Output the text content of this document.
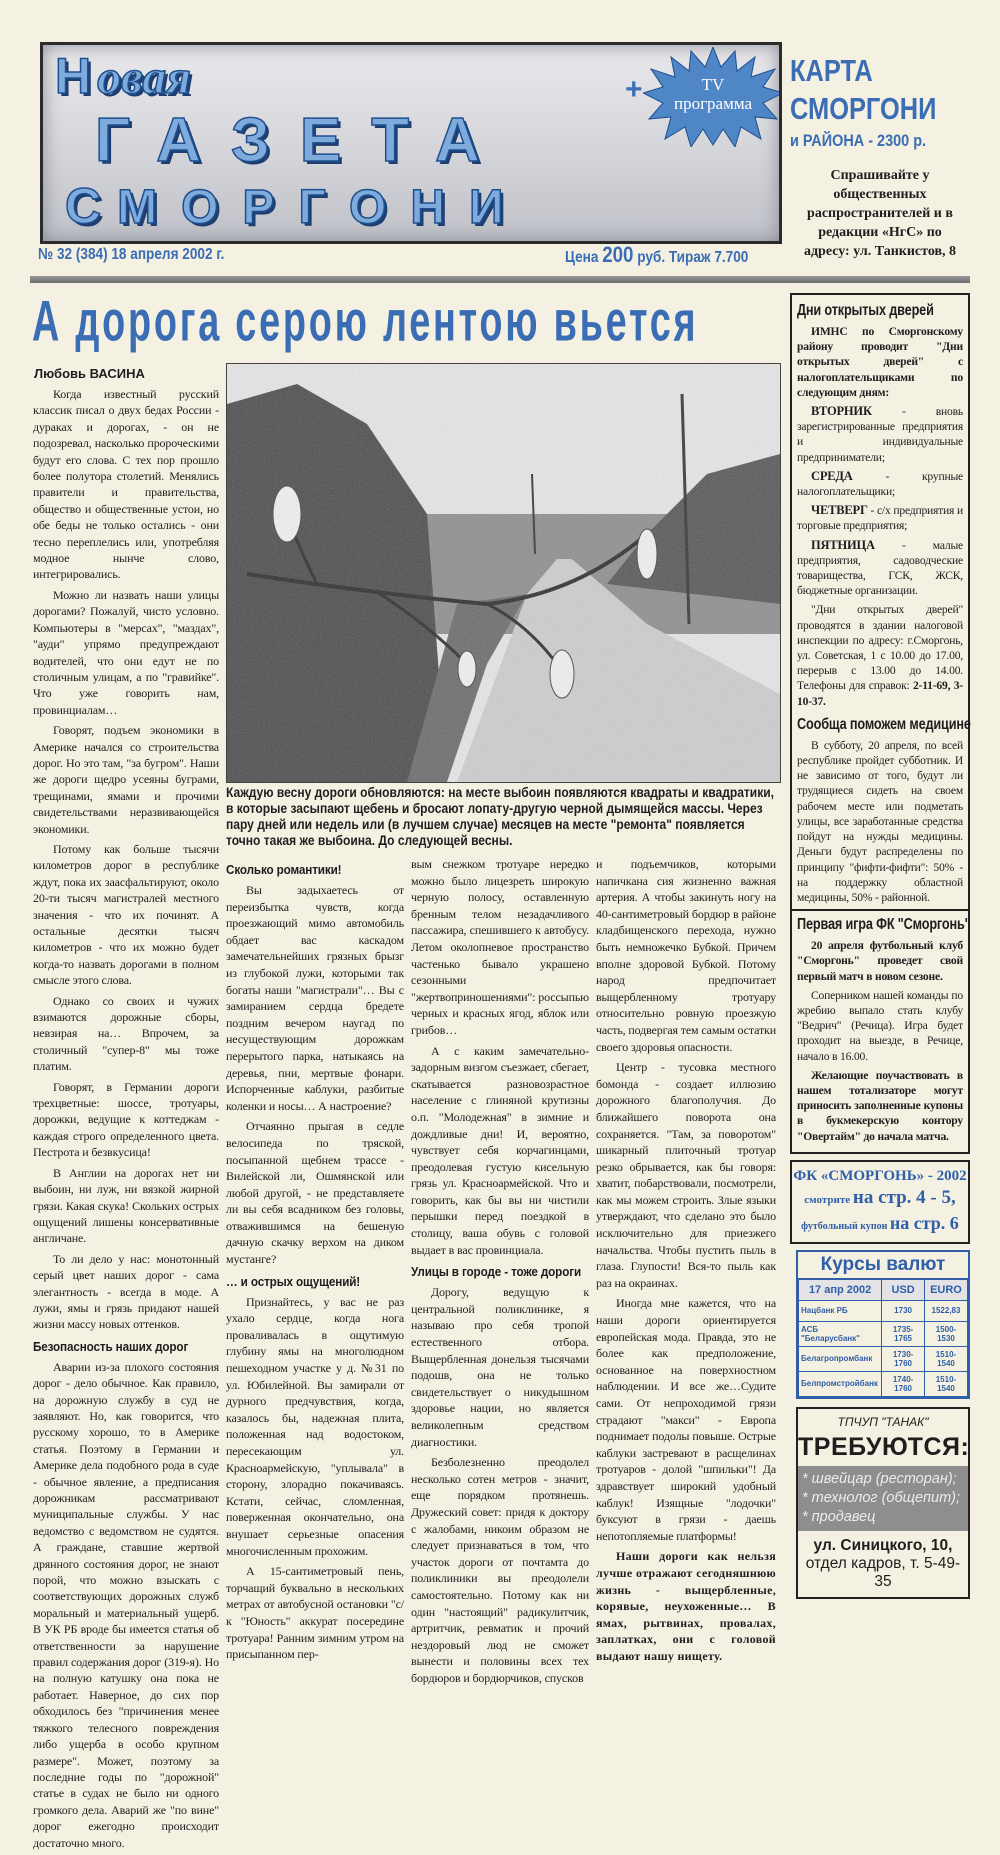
Н овая
ГАЗЕТА
С МОРГОНИ
+	TV
программа
№ 32 (384) 18 апреля 2002 г.	Цена 200 руб. Тираж 7.700
КАРТА
СМОРГОНИ
и РАЙОНА - 2300 р.
Спрашивайте у общественных распространителей и в редакции «НгС» по адресу: ул. Танкистов, 8
А дорога серою лентою вьется
Любовь ВАСИНА

Когда известный русский классик писал о двух бедах России - дураках и дорогах, - он не подозревал, насколько пророческими будут его слова. С тех пор прошло более полутора столетий. Менялись правители и правительства, общество и общественные устои, но обе беды не только остались - они тесно переплелись или, употребляя модное нынче слово, интегрировались.

Можно ли назвать наши улицы дорогами? Пожалуй, чисто условно. Компьютеры в "мерсах", "маздах", "ауди" упрямо предупреждают водителей, что они едут не по столичным улицам, а по "гравийке". Что уже говорить нам, провинциалам…

Говорят, подъем экономики в Америке начался со строительства дорог. Но это там, "за бугром". Наши же дороги щедро усеяны буграми, трещинами, ямами и прочими свидетельствами неразвивающейся экономики.

Потому как больше тысячи километров дорог в республике ждут, пока их заасфальтируют, около 20-ти тысяч магистралей местного значения - что их починят. А остальные десятки тысяч километров - что их можно будет когда-то назвать дорогами в полном смысле этого слова.

Однако со своих и чужих взимаются дорожные сборы, невзирая на… Впрочем, за столичный "супер-8" мы тоже платим.

Говорят, в Германии дороги трехцветные: шоссе, тротуары, дорожки, ведущие к коттеджам - каждая строго определенного цвета. Пестрота и безвкусица!

В Англии на дорогах нет ни выбоин, ни луж, ни вязкой жирной грязи. Какая скука! Скольких острых ощущений лишены консервативные англичане.

То ли дело у нас: монотонный серый цвет наших дорог - сама элегантность - всегда в моде. А лужи, ямы и грязь придают нашей жизни массу новых оттенков.

Безопасность наших дорог

Аварии из-за плохого состояния дорог - дело обычное. Как правило, на дорожную службу в суд не заявляют. Но, как говорится, что русскому хорошо, то в Америке статья. Поэтому в Германии и Америке дела подобного рода в суде - обычное явление, а предписания дорожникам рассматривают муниципальные службы. У нас ведомство с ведомством не судятся. А граждане, ставшие жертвой дрянного состояния дорог, не знают порой, что можно взыскать с соответствующих дорожных служб моральный и материальный ущерб. В УК РБ вроде бы имеется статья об ответственности за нарушение правил содержания дорог (319-я). Но на полную катушку она пока не работает. Наверное, до сих пор обходилось без "причинения менее тяжкого телесного повреждения либо ущерба в особо крупном размере". Может, поэтому за последние годы по "дорожной" статье в судах не было ни одного громкого дела. Аварий же "по вине" дорог ежегодно происходит достаточно много.

Каждую весну дороги обновляются: на месте выбоин появляются квадраты и квадратики, в которые засыпают щебень и бросают лопату-другую черной дымящейся массы. Через пару дней или недель или (в лучшем случае) месяцев на месте "ремонта" появляется точно такая же выбоина. До следующей весны.
Сколько романтики!

Вы задыхаетесь от переизбытка чувств, когда проезжающий мимо автомобиль обдает вас каскадом замечательнейших грязных брызг из глубокой лужи, которыми так богаты наши "магистрали"… Вы с замиранием сердца бредете поздним вечером наугад по несуществующим дорожкам перерытого парка, натыкаясь на деревья, пни, мертвые фонари. Испорченные каблуки, разбитые коленки и носы… А настроение?

Отчаянно прыгая в седле велосипеда по тряской, посыпанной щебнем трассе - Вилейской ли, Ошмянской или любой другой, - не представляете ли вы себя всадником без головы, отважившимся на бешеную дачную скачку верхом на диком мустанге?

… и острых ощущений!

Признайтесь, у вас не раз ухало сердце, когда нога проваливалась в ощутимую глубину ямы на многолюдном пешеходном участке у д. №31 по ул. Юбилейной. Вы замирали от дурного предчувствия, когда, казалось бы, надежная плита, положенная над водостоком, пересекающим ул. Красноармейскую, "уплывала" в сторону, злорадно покачиваясь. Кстати, сейчас, сломленная, поверженная окончательно, она внушает серьезные опасения многочисленным прохожим.

А 15-сантиметровый пень, торчащий буквально в нескольких метрах от автобусной остановки "с/к "Юность" аккурат посередине тротуара! Ранним зимним утром на присыпанном пер-

вым снежком тротуаре нередко можно было лицезреть широкую черную полосу, оставленную бренным телом незадачливого пассажира, спешившего к автобусу. Летом околопневое пространство частенько бывало украшено сезонными "жертвоприношениями": россыпью черных и красных ягод, яблок или грибов…

А с каким замечательно-задорным визгом съезжает, сбегает, скатывается разновозрастное население с глиняной крутизны о.п. "Молодежная" в зимние и дождливые дни! И, вероятно, чувствует себя корчагинцами, преодолевая густую кисельную грязь ул. Красноармейской. Что и говорить, как бы вы ни чистили перышки перед поездкой в столицу, ваша обувь с головой выдает в вас провинциала.

Улицы в городе - тоже дороги

Дорогу, ведущую к центральной поликлинике, я называю про себя тропой естественного отбора. Выщербленная донельзя тысячами подошв, она не только свидетельствует о никудышном здоровье нации, но является великолепным средством диагностики.

Безболезненно преодолел несколько сотен метров - значит, еще порядком протянешь. Дружеский совет: придя к доктору с жалобами, никоим образом не следует признаваться в том, что участок дороги от почтамта до поликлиники вы преодолели самостоятельно. Потому как ни один "настоящий" радикулитчик, артритчик, ревматик и прочий нездоровый люд не сможет вынести и половины всех тех бордюров и бордюрчиков, спусков

и подъемчиков, которыми напичкана сия жизненно важная артерия. А чтобы закинуть ногу на 40-сантиметровый бордюр в районе кладбищенского перехода, нужно быть немножечко Бубкой. Причем вполне здоровой Бубкой. Потому народ предпочитает выщербленному тротуару относительно ровную проезжую часть, подвергая тем самым остатки своего здоровья опасности.

Центр - тусовка местного бомонда - создает иллюзию дорожного благополучия. До ближайшего поворота она сохраняется. "Там, за поворотом" шикарный плиточный тротуар резко обрывается, как бы говоря: хватит, побарствовали, посмотрели, как мы можем строить. Злые языки утверждают, что сделано это было исключительно для приезжего начальства. Чтобы пустить пыль в глаза. Глупости! Вся-то пыль как раз на окраинах.

Иногда мне кажется, что на наши дороги ориентируется европейская мода. Правда, это не более как предположение, основанное на поверхностном наблюдении. И все же…Судите сами. От непроходимой грязи страдают "макси" - Европа поднимает подолы повыше. Острые каблуки застревают в расщелинах тротуаров - долой "шпильки"! Да здравствует широкий удобный каблук! Изящные "лодочки" буксуют в грязи - даешь непотопляемые платформы!

Наши дороги как нельзя лучше отражают сегодняшнюю жизнь - выщербленные, корявые, неухоженные… В ямах, рытвинах, провалах, заплатках, они с головой выдают нашу нищету.

Дни открытых дверей

ИМНС по Сморгонскому району проводит "Дни открытых дверей" с налогоплательщиками по следующим дням:

ВТОРНИК - вновь зарегистрированные предприятия и индивидуальные предприниматели;

СРЕДА - крупные налогоплательщики;

ЧЕТВЕРГ - с/х предприятия и торговые предприятия;

ПЯТНИЦА - малые предприятия, садоводческие товарищества, ГСК, ЖСК, бюджетные организации.

"Дни открытых дверей" проводятся в здании налоговой инспекции по адресу: г.Сморгонь, ул. Советская, 1 с 10.00 до 17.00, перерыв с 13.00 до 14.00. Телефоны для справок: 2-11-69, 3-10-37.

Сообща поможем медицине

В субботу, 20 апреля, по всей республике пройдет субботник. И не зависимо от того, будут ли трудящиеся сидеть на своем рабочем месте или подметать улицы, все заработанные средства пойдут на нужды медицины. Деньги будут распределены по принципу "фифти-фифти": 50% - на поддержку областной медицины, 50% - районной.

Первая игра ФК "Сморгонь"

20 апреля футбольный клуб "Сморгонь" проведет свой первый матч в новом сезоне.

Соперником нашей команды по жребию выпало стать клубу "Ведрич" (Речица). Игра будет проходит на выезде, в Речице, начало в 16.00.

Желающие поучаствовать в нашем тотализаторе могут приносить заполненные купоны в букмекерскую контору "Овертайм" до начала матча.

ФК «СМОРГОНЬ» - 2002
смотрите на стр. 4 - 5,
футбольный купон на стр. 6
Курсы валют
17 апр 2002	USD	EURO
Нацбанк РБ	1730	1522,83
АСБ "Беларусбанк"	1735-1765	1500-1530
Белагропромбанк	1730-1760	1510-1540
Белпромстройбанк	1740-1760	1510-1540
ТПЧУП "ТАНАК"
ТРЕБУЮТСЯ:
* швейцар (ресторан);
* технолог (общепит);
* продавец
ул. Синицкого, 10,
отдел кадров, т. 5-49-35
